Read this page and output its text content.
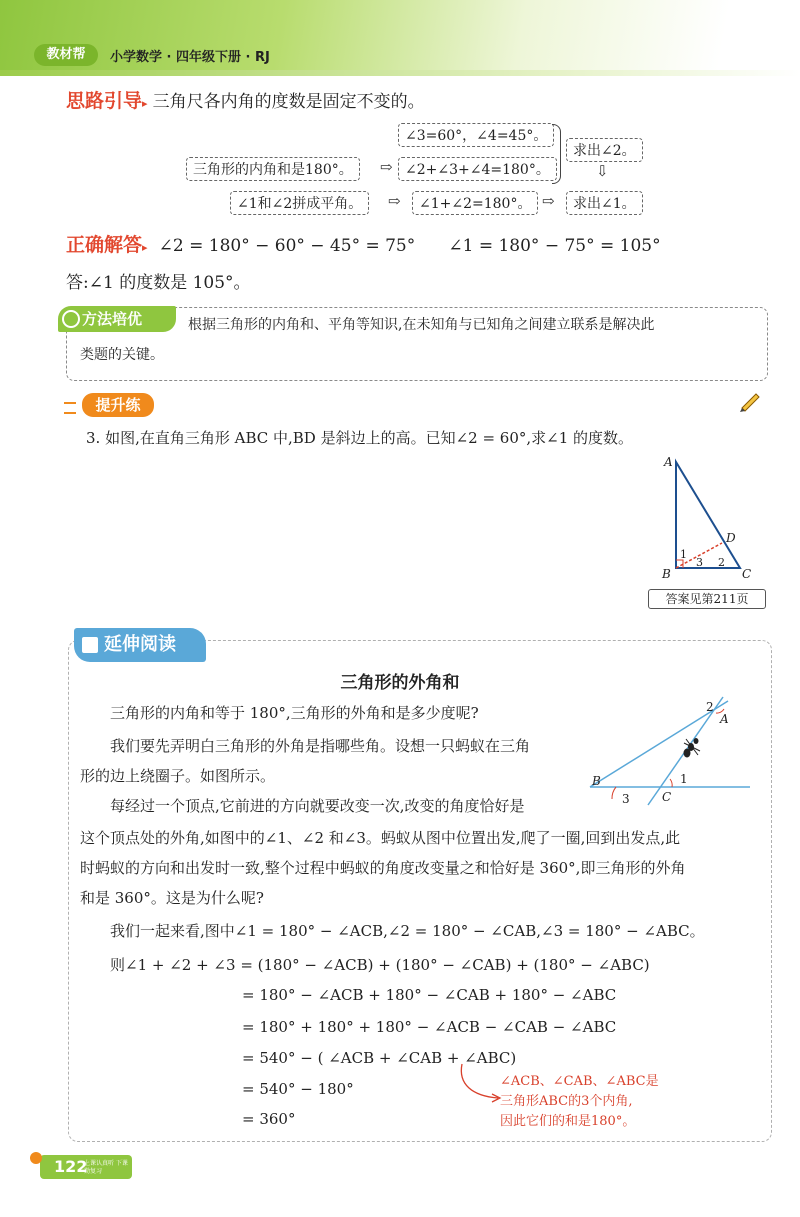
教材帮	小学数学 · 四年级下册 · RJ
思路引导▸ 三角尺各内角的度数是固定不变的。
∠3=60°，∠4=45°。
三角形的内角和是180°。	⇨ ∠2+∠3+∠4=180°。
求出∠2。
⇩
∠1和∠2拼成平角。	⇨	∠1+∠2=180°。 ⇨	求出∠1。
正确解答▸ ∠2 = 180° − 60° − 45° = 75° ∠1 = 180° − 75° = 105°
答:∠1 的度数是 105°。
方法培优	根据三角形的内角和、平角等知识,在未知角与已知角之间建立联系是解决此
类题的关键。
提升练
3. 如图,在直角三角形 ABC 中,BD 是斜边上的高。已知∠2 = 60°,求∠1 的度数。
A
B	C
D
1
3 2
答案见第211页
延伸阅读
三角形的外角和
三角形的内角和等于 180°,三角形的外角和是多少度呢?
我们要先弄明白三角形的外角是指哪些角。设想一只蚂蚁在三角
形的边上绕圈子。如图所示。
每经过一个顶点,它前进的方向就要改变一次,改变的角度恰好是
这个顶点处的外角,如图中的∠1、∠2 和∠3。蚂蚁从图中位置出发,爬了一圈,回到出发点,此
时蚂蚁的方向和出发时一致,整个过程中蚂蚁的角度改变量之和恰好是 360°,即三角形的外角
和是 360°。这是为什么呢?
我们一起来看,图中∠1 = 180° − ∠ACB,∠2 = 180° − ∠CAB,∠3 = 180° − ∠ABC。
则∠1 + ∠2 + ∠3 = (180° − ∠ACB) + (180° − ∠CAB) + (180° − ∠ABC)
= 180° − ∠ACB + 180° − ∠CAB + 180° − ∠ABC
= 180° + 180° + 180° − ∠ACB − ∠CAB − ∠ABC
= 540° − ( ∠ACB + ∠CAB + ∠ABC)
= 540° − 180°
= 360°
∠ACB、∠CAB、∠ABC是
三角形ABC的3个内角,
因此它们的和是180°。
2
A
B
C
1
3
122
上课认真听 下课勤复习
